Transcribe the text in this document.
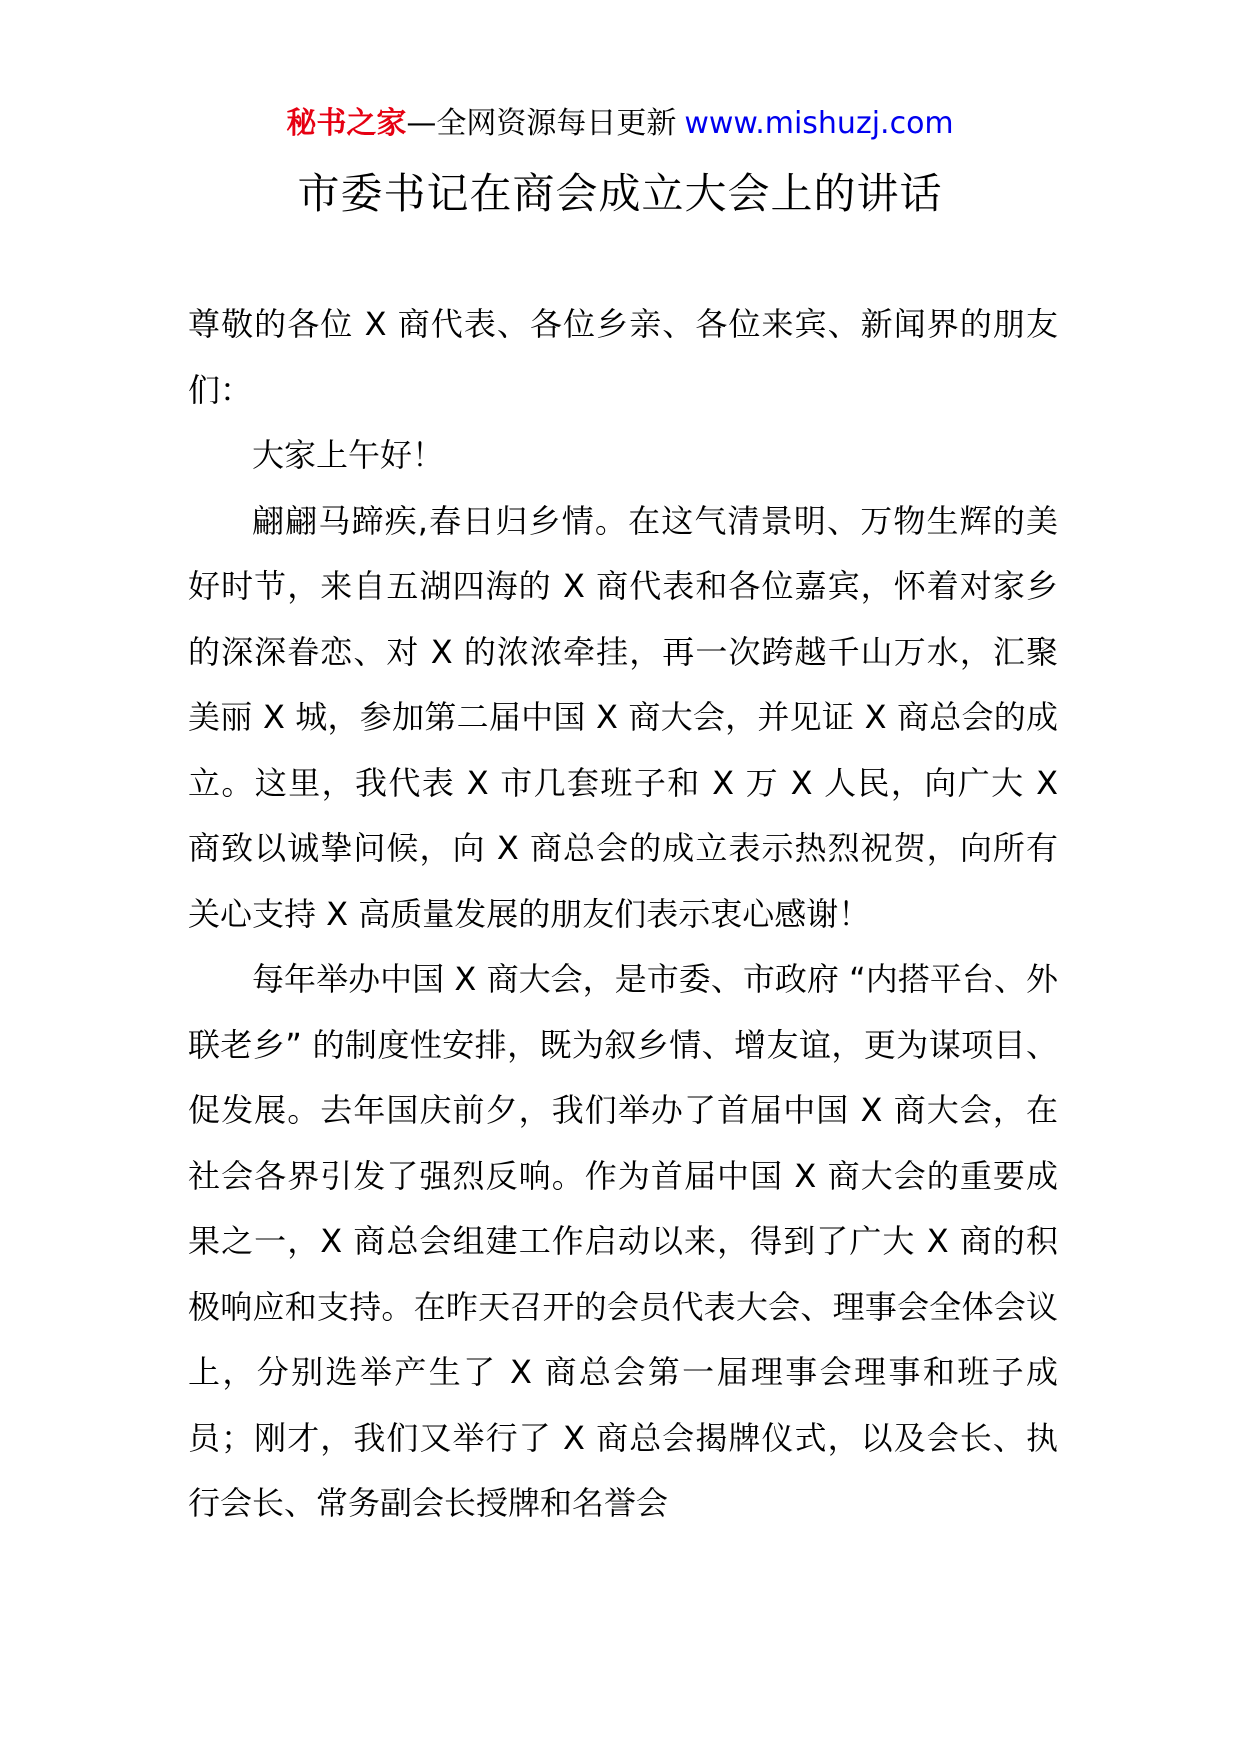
秘书之家—全网资源每日更新 www.mishuzj.com
市委书记在商会成立大会上的讲话

尊敬的各位 X 商代表、各位乡亲、各位来宾、新闻界的朋友们：

大家上午好！

翩翩马蹄疾,春日归乡情。在这气清景明、万物生辉的美好时节，来自五湖四海的 X 商代表和各位嘉宾，怀着对家乡的深深眷恋、对 X 的浓浓牵挂，再一次跨越千山万水，汇聚美丽 X 城，参加第二届中国 X 商大会，并见证 X 商总会的成立。这里，我代表 X 市几套班子和 X 万 X 人民，向广大 X 商致以诚挚问候，向 X 商总会的成立表示热烈祝贺，向所有关心支持 X 高质量发展的朋友们表示衷心感谢！

每年举办中国 X 商大会，是市委、市政府 “内搭平台、外联老乡” 的制度性安排，既为叙乡情、增友谊，更为谋项目、促发展。去年国庆前夕，我们举办了首届中国 X 商大会，在社会各界引发了强烈反响。作为首届中国 X 商大会的重要成果之一，X 商总会组建工作启动以来，得到了广大 X 商的积极响应和支持。在昨天召开的会员代表大会、理事会全体会议上，分别选举产生了 X 商总会第一届理事会理事和班子成员；刚才，我们又举行了 X 商总会揭牌仪式，以及会长、执行会长、常务副会长授牌和名誉会
